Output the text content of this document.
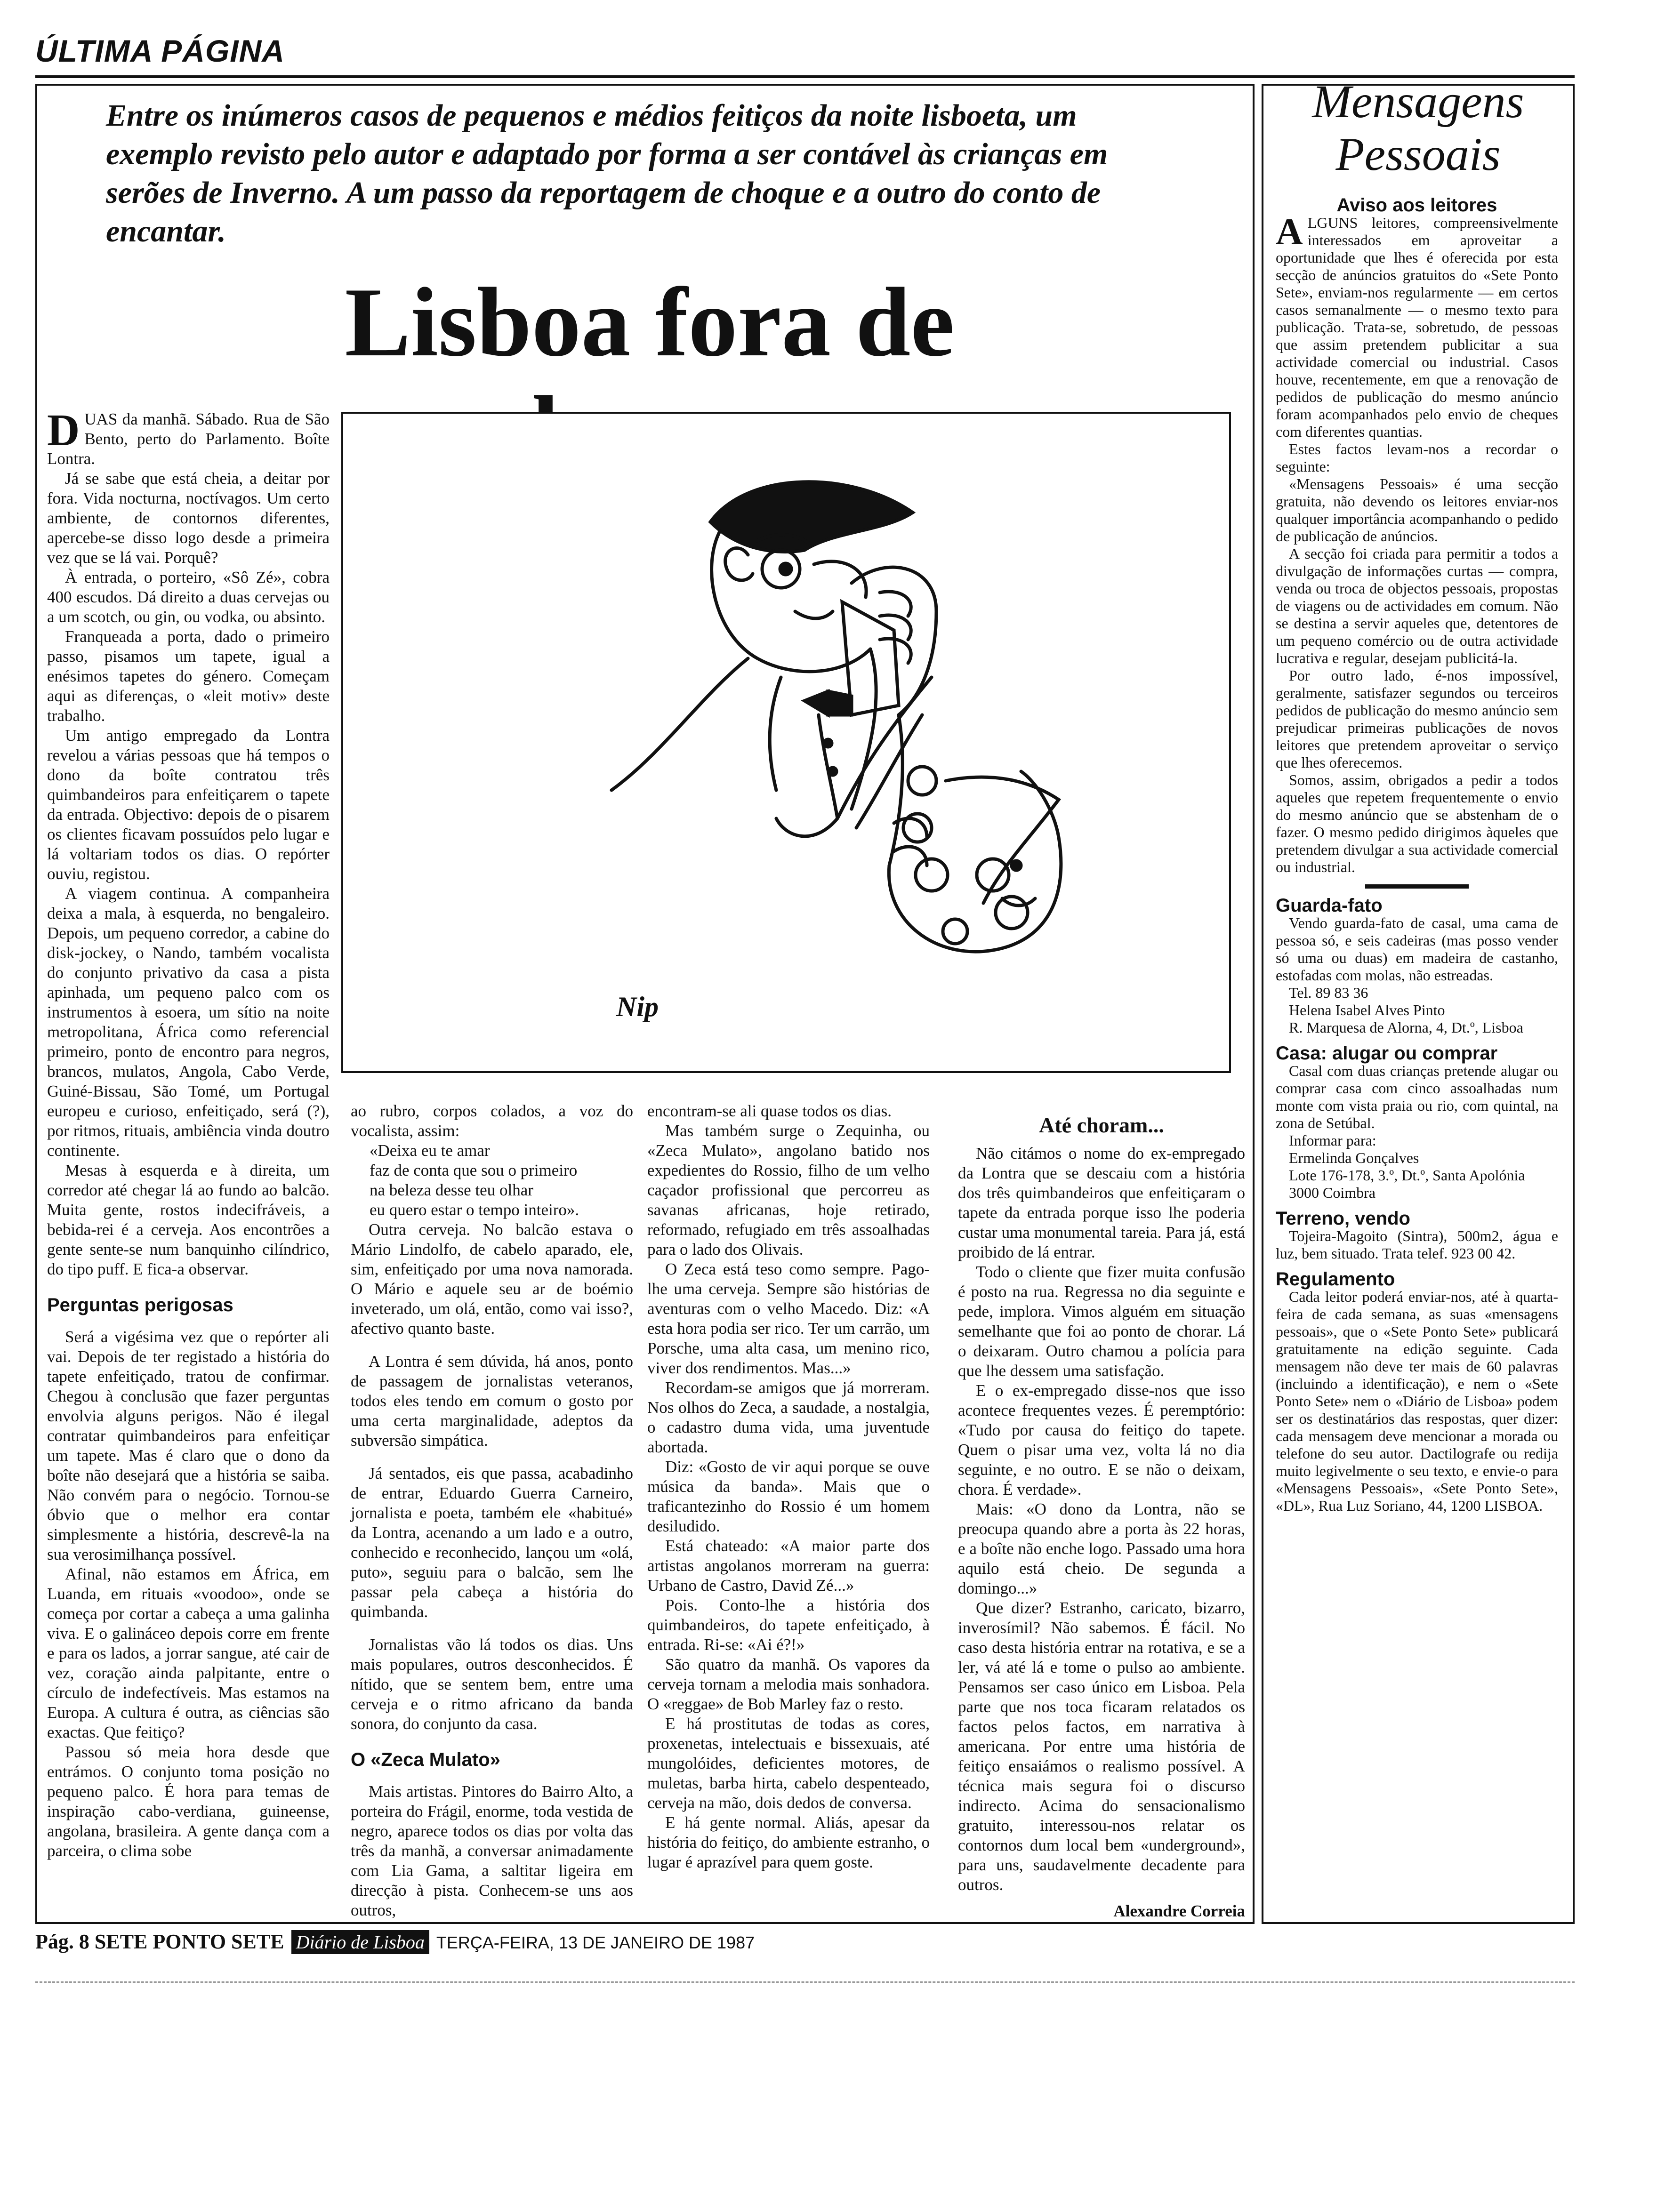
ÚLTIMA PÁGINA
Entre os inúmeros casos de pequenos e médios feitiços da noite lisboeta, um exemplo revisto pelo autor e adaptado por forma a ser contável às crianças em serões de Inverno. A um passo da reportagem de choque e a outro do conto de encantar.
Lisboa fora de
Nip

DUAS da manhã. Sábado. Rua de São Bento, perto do Parlamento. Boîte Lontra.

Já se sabe que está cheia, a deitar por fora. Vida nocturna, noctívagos. Um certo ambiente, de contornos diferentes, apercebe-se disso logo desde a primeira vez que se lá vai. Porquê?

À entrada, o porteiro, «Sô Zé», cobra 400 escudos. Dá direito a duas cervejas ou a um scotch, ou gin, ou vodka, ou absinto.

Franqueada a porta, dado o primeiro passo, pisamos um tapete, igual a enésimos tapetes do género. Começam aqui as diferenças, o «leit motiv» deste trabalho.

Um antigo empregado da Lontra revelou a várias pessoas que há tempos o dono da boîte contratou três quimbandeiros para enfeitiçarem o tapete da entrada. Objectivo: depois de o pisarem os clientes ficavam possuídos pelo lugar e lá voltariam todos os dias. O repórter ouviu, registou.

A viagem continua. A companheira deixa a mala, à esquerda, no bengaleiro. Depois, um pequeno corredor, a cabine do disk-jockey, o Nando, também vocalista do conjunto privativo da casa a pista apinhada, um pequeno palco com os instrumentos à esoera, um sítio na noite metropolitana, África como referencial primeiro, ponto de encontro para negros, brancos, mulatos, Angola, Cabo Verde, Guiné-Bissau, São Tomé, um Portugal europeu e curioso, enfeitiçado, será (?), por ritmos, rituais, ambiência vinda doutro continente.

Mesas à esquerda e à direita, um corredor até chegar lá ao fundo ao balcão. Muita gente, rostos indecifráveis, a bebida-rei é a cerveja. Aos encontrões a gente sente-se num banquinho cilíndrico, do tipo puff. E fica-a observar.

Perguntas perigosas

Será a vigésima vez que o repórter ali vai. Depois de ter registado a história do tapete enfeitiçado, tratou de confirmar. Chegou à conclusão que fazer perguntas envolvia alguns perigos. Não é ilegal contratar quimbandeiros para enfeitiçar um tapete. Mas é claro que o dono da boîte não desejará que a história se saiba. Não convém para o negócio. Tornou-se óbvio que o melhor era contar simplesmente a história, descrevê-la na sua verosimilhança possível.

Afinal, não estamos em África, em Luanda, em rituais «voodoo», onde se começa por cortar a cabeça a uma galinha viva. E o galináceo depois corre em frente e para os lados, a jorrar sangue, até cair de vez, coração ainda palpitante, entre o círculo de indefectíveis. Mas estamos na Europa. A cultura é outra, as ciências são exactas. Que feitiço?

Passou só meia hora desde que entrámos. O conjunto toma posição no pequeno palco. É hora para temas de inspiração cabo-verdiana, guineense, angolana, brasileira. A gente dança com a parceira, o clima sobe

ao rubro, corpos colados, a voz do vocalista, assim:

«Deixa eu te amar

faz de conta que sou o primeiro

na beleza desse teu olhar

eu quero estar o tempo inteiro».

Outra cerveja. No balcão estava o Mário Lindolfo, de cabelo aparado, ele, sim, enfeitiçado por uma nova namorada. O Mário e aquele seu ar de boémio inveterado, um olá, então, como vai isso?, afectivo quanto baste.

A Lontra é sem dúvida, há anos, ponto de passagem de jornalistas veteranos, todos eles tendo em comum o gosto por uma certa marginalidade, adeptos da subversão simpática.

Já sentados, eis que passa, acabadinho de entrar, Eduardo Guerra Carneiro, jornalista e poeta, também ele «habitué» da Lontra, acenando a um lado e a outro, conhecido e reconhecido, lançou um «olá, puto», seguiu para o balcão, sem lhe passar pela cabeça a história do quimbanda.

Jornalistas vão lá todos os dias. Uns mais populares, outros desconhecidos. É nítido, que se sentem bem, entre uma cerveja e o ritmo africano da banda sonora, do conjunto da casa.

O «Zeca Mulato»

Mais artistas. Pintores do Bairro Alto, a porteira do Frágil, enorme, toda vestida de negro, aparece todos os dias por volta das três da manhã, a conversar animadamente com Lia Gama, a saltitar ligeira em direcção à pista. Conhecem-se uns aos outros,

encontram-se ali quase todos os dias.

Mas também surge o Zequinha, ou «Zeca Mulato», angolano batido nos expedientes do Rossio, filho de um velho caçador profissional que percorreu as savanas africanas, hoje retirado, reformado, refugiado em três assoalhadas para o lado dos Olivais.

O Zeca está teso como sempre. Pago-lhe uma cerveja. Sempre são histórias de aventuras com o velho Macedo. Diz: «A esta hora podia ser rico. Ter um carrão, um Porsche, uma alta casa, um menino rico, viver dos rendimentos. Mas...»

Recordam-se amigos que já morreram. Nos olhos do Zeca, a saudade, a nostalgia, o cadastro duma vida, uma juventude abortada.

Diz: «Gosto de vir aqui porque se ouve música da banda». Mais que o traficantezinho do Rossio é um homem desiludido.

Está chateado: «A maior parte dos artistas angolanos morreram na guerra: Urbano de Castro, David Zé...»

Pois. Conto-lhe a história dos quimbandeiros, do tapete enfeitiçado, à entrada. Ri-se: «Ai é?!»

São quatro da manhã. Os vapores da cerveja tornam a melodia mais sonhadora. O «reggae» de Bob Marley faz o resto.

E há prostitutas de todas as cores, proxenetas, intelectuais e bissexuais, até mungolóides, deficientes motores, de muletas, barba hirta, cabelo despenteado, cerveja na mão, dois dedos de conversa.

E há gente normal. Aliás, apesar da história do feitiço, do ambiente estranho, o lugar é aprazível para quem goste.

Até choram...

Não citámos o nome do ex-empregado da Lontra que se descaiu com a história dos três quimbandeiros que enfeitiçaram o tapete da entrada porque isso lhe poderia custar uma monumental tareia. Para já, está proibido de lá entrar.

Todo o cliente que fizer muita confusão é posto na rua. Regressa no dia seguinte e pede, implora. Vimos alguém em situação semelhante que foi ao ponto de chorar. Lá o deixaram. Outro chamou a polícia para que lhe dessem uma satisfação.

E o ex-empregado disse-nos que isso acontece frequentes vezes. É peremptório: «Tudo por causa do feitiço do tapete. Quem o pisar uma vez, volta lá no dia seguinte, e no outro. E se não o deixam, chora. É verdade».

Mais: «O dono da Lontra, não se preocupa quando abre a porta às 22 horas, e a boîte não enche logo. Passado uma hora aquilo está cheio. De segunda a domingo...»

Que dizer? Estranho, caricato, bizarro, inverosímil? Não sabemos. É fácil. No caso desta história entrar na rotativa, e se a ler, vá até lá e tome o pulso ao ambiente. Pensamos ser caso único em Lisboa. Pela parte que nos toca ficaram relatados os factos pelos factos, em narrativa à americana. Por entre uma história de feitiço ensaiámos o realismo possível. A técnica mais segura foi o discurso indirecto. Acima do sensacionalismo gratuito, interessou-nos relatar os contornos dum local bem «underground», para uns, saudavelmente decadente para outros.

Alexandre Correia
Mensagens Pessoais
Aviso aos leitores

ALGUNS leitores, compreensivelmente interessados em aproveitar a oportunidade que lhes é oferecida por esta secção de anúncios gratuitos do «Sete Ponto Sete», enviam-nos regularmente — em certos casos semanalmente — o mesmo texto para publicação. Trata-se, sobretudo, de pessoas que assim pretendem publicitar a sua actividade comercial ou industrial. Casos houve, recentemente, em que a renovação de pedidos de publicação do mesmo anúncio foram acompanhados pelo envio de cheques com diferentes quantias.

Estes factos levam-nos a recordar o seguinte:

«Mensagens Pessoais» é uma secção gratuita, não devendo os leitores enviar-nos qualquer importância acompanhando o pedido de publicação de anúncios.

A secção foi criada para permitir a todos a divulgação de informações curtas — compra, venda ou troca de objectos pessoais, propostas de viagens ou de actividades em comum. Não se destina a servir aqueles que, detentores de um pequeno comércio ou de outra actividade lucrativa e regular, desejam publicitá-la.

Por outro lado, é-nos impossível, geralmente, satisfazer segundos ou terceiros pedidos de publicação do mesmo anúncio sem prejudicar primeiras publicações de novos leitores que pretendem aproveitar o serviço que lhes oferecemos.

Somos, assim, obrigados a pedir a todos aqueles que repetem frequentemente o envio do mesmo anúncio que se abstenham de o fazer. O mesmo pedido dirigimos àqueles que pretendem divulgar a sua actividade comercial ou industrial.

Guarda-fato

Vendo guarda-fato de casal, uma cama de pessoa só, e seis cadeiras (mas posso vender só uma ou duas) em madeira de castanho, estofadas com molas, não estreadas.

Tel. 89 83 36

Helena Isabel Alves Pinto

R. Marquesa de Alorna, 4, Dt.º, Lisboa

Casa: alugar ou comprar

Casal com duas crianças pretende alugar ou comprar casa com cinco assoalhadas num monte com vista praia ou rio, com quintal, na zona de Setúbal.

Informar para:

Ermelinda Gonçalves

Lote 176-178, 3.º, Dt.º, Santa Apolónia

3000 Coimbra

Terreno, vendo

Tojeira-Magoito (Sintra), 500m2, água e luz, bem situado. Trata telef. 923 00 42.

Regulamento

Cada leitor poderá enviar-nos, até à quarta-feira de cada semana, as suas «mensagens pessoais», que o «Sete Ponto Sete» publicará gratuitamente na edição seguinte. Cada mensagem não deve ter mais de 60 palavras (incluindo a identificação), e nem o «Sete Ponto Sete» nem o «Diário de Lisboa» podem ser os destinatários das respostas, quer dizer: cada mensagem deve mencionar a morada ou telefone do seu autor. Dactilografe ou redija muito legivelmente o seu texto, e envie-o para «Mensagens Pessoais», «Sete Ponto Sete», «DL», Rua Luz Soriano, 44, 1200 LISBOA.

Pág. 8 SETE PONTO SETE Diário de Lisboa TERÇA-FEIRA, 13 DE JANEIRO DE 1987
